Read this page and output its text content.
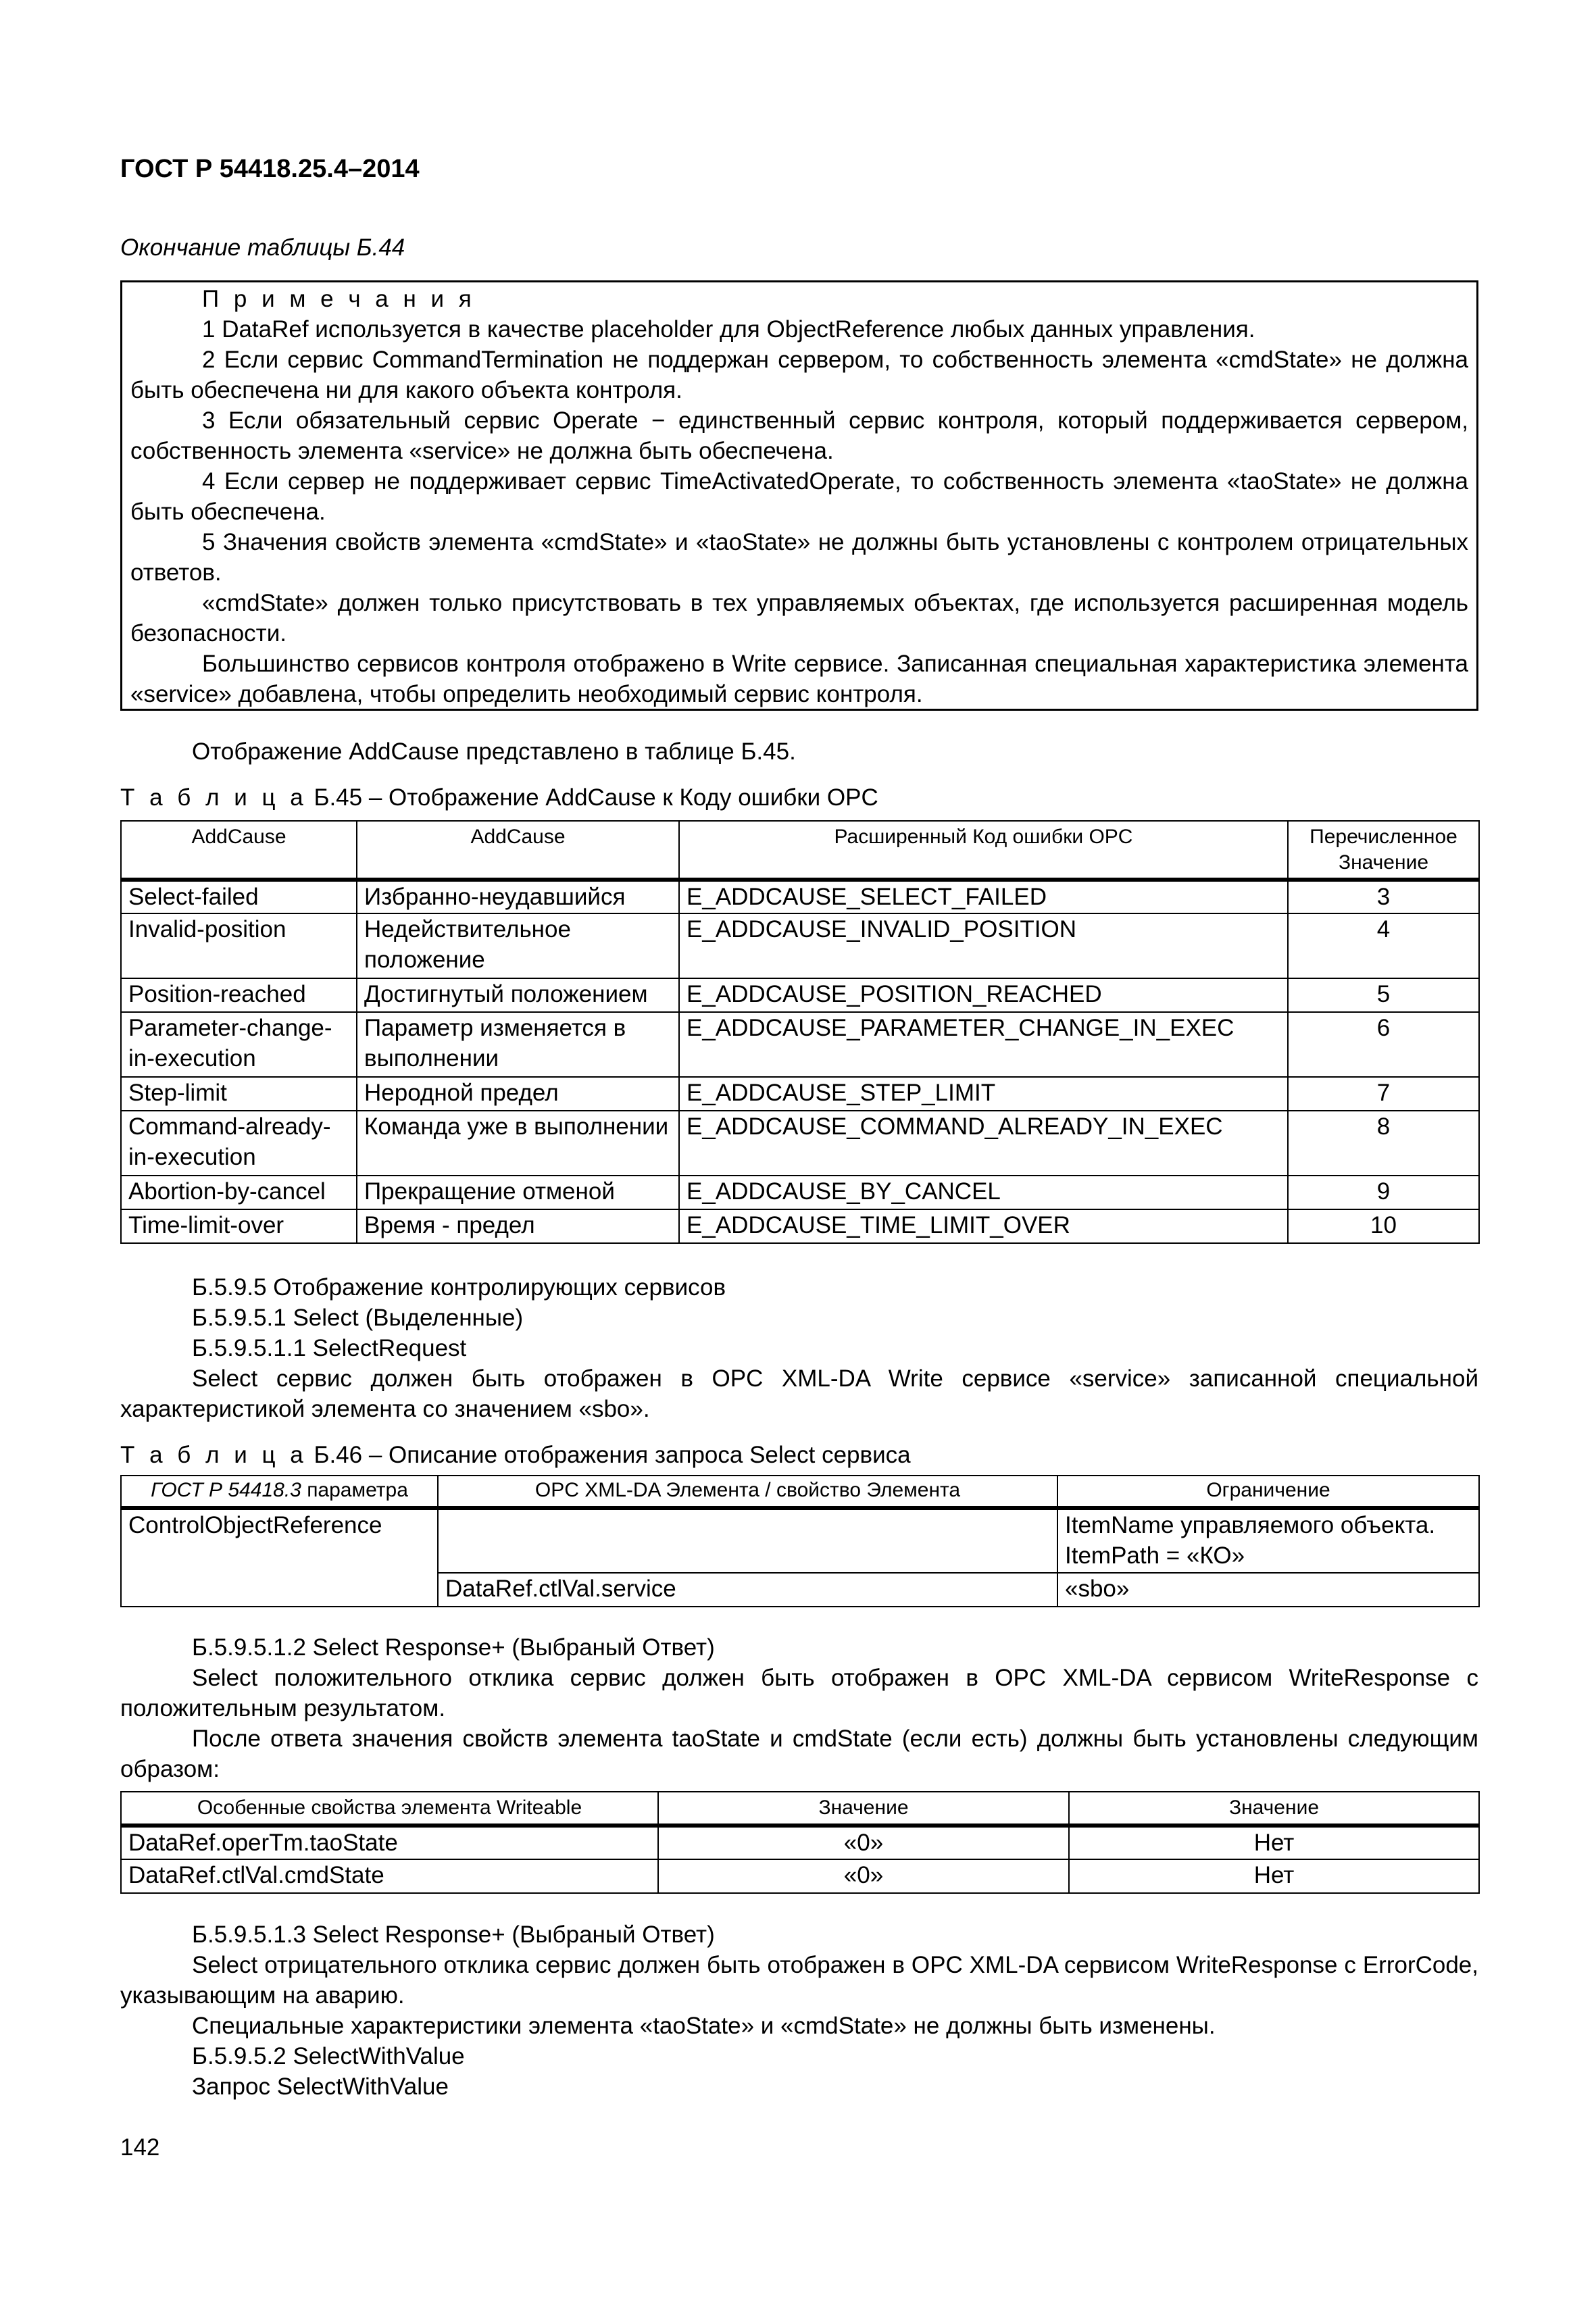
ГОСТ Р 54418.25.4–2014
Окончание таблицы Б.44

П р и м е ч а н и я

1 DataRef используется в качестве placeholder для ObjectReference любых данных управления.

2 Если сервис CommandTermination не поддержан сервером, то собственность элемента «cmdState» не должна быть обеспечена ни для какого объекта контроля.

3 Если обязательный сервис Operate − единственный сервис контроля, который поддерживается сервером, собственность элемента «service» не должна быть обеспечена.

4 Если сервер не поддерживает сервис TimeActivatedOperate, то собственность элемента «taoState» не должна быть обеспечена.

5 Значения свойств элемента «cmdState» и «taoState» не должны быть установлены с контролем отрицательных ответов.

«cmdState» должен только присутствовать в тех управляемых объектах, где используется расширенная модель безопасности.

Большинство сервисов контроля отображено в Write сервисе. Записанная специальная характеристика элемента «service» добавлена, чтобы определить необходимый сервис контроля.

Отображение AddCause представлено в таблице Б.45.

Т а б л и ц а Б.45 – Отображение AddCause к Коду ошибки OPC
AddCause	AddCause	Расширенный Код ошибки OPC	Перечисленное Значение
Select-failed	Избранно-неудавшийся	E_ADDCAUSE_SELECT_FAILED	3
Invalid-position	Недействительное положение	E_ADDCAUSE_INVALID_POSITION	4
Position-reached	Достигнутый положением	E_ADDCAUSE_POSITION_REACHED	5
Parameter-change-in-execution	Параметр изменяется в выполнении	E_ADDCAUSE_PARAMETER_CHANGE_IN_EXEC	6
Step-limit	Неродной предел	E_ADDCAUSE_STEP_LIMIT	7
Command-already-in-execution	Команда уже в выполнении	E_ADDCAUSE_COMMAND_ALREADY_IN_EXEC	8
Abortion-by-cancel	Прекращение отменой	E_ADDCAUSE_BY_CANCEL	9
Time-limit-over	Время - предел	E_ADDCAUSE_TIME_LIMIT_OVER	10

Б.5.9.5 Отображение контролирующих сервисов

Б.5.9.5.1 Select (Выделенные)

Б.5.9.5.1.1 SelectRequest

Select сервис должен быть отображен в OPC XML-DA Write сервисе «service» записанной специальной характеристикой элемента со значением «sbo».

Т а б л и ц а Б.46 – Описание отображения запроса Select сервиса
ГОСТ Р 54418.3 параметра	OPC XML-DA Элемента / свойство Элемента	Ограничение
ControlObjectReference		ItemName управляемого объекта.
ItemPath = «КО»

	DataRef.ctlVal.service	«sbo»

Б.5.9.5.1.2 Select Response+ (Выбраный Ответ)

Select положительного отклика сервис должен быть отображен в OPC XML-DA сервисом WriteResponse с положительным результатом.

После ответа значения свойств элемента taoState и cmdState (если есть) должны быть установлены следующим образом:

Особенные свойства элемента Writeable	Значение	Значение
DataRef.operTm.taoState	«0»	Нет
DataRef.ctlVal.cmdState	«0»	Нет

Б.5.9.5.1.3 Select Response+ (Выбраный Ответ)

Select отрицательного отклика сервис должен быть отображен в OPC XML-DA сервисом WriteResponse с ErrorCode, указывающим на аварию.

Специальные характеристики элемента «taoState» и «cmdState» не должны быть изменены.

Б.5.9.5.2 SelectWithValue

Запрос SelectWithValue

142
